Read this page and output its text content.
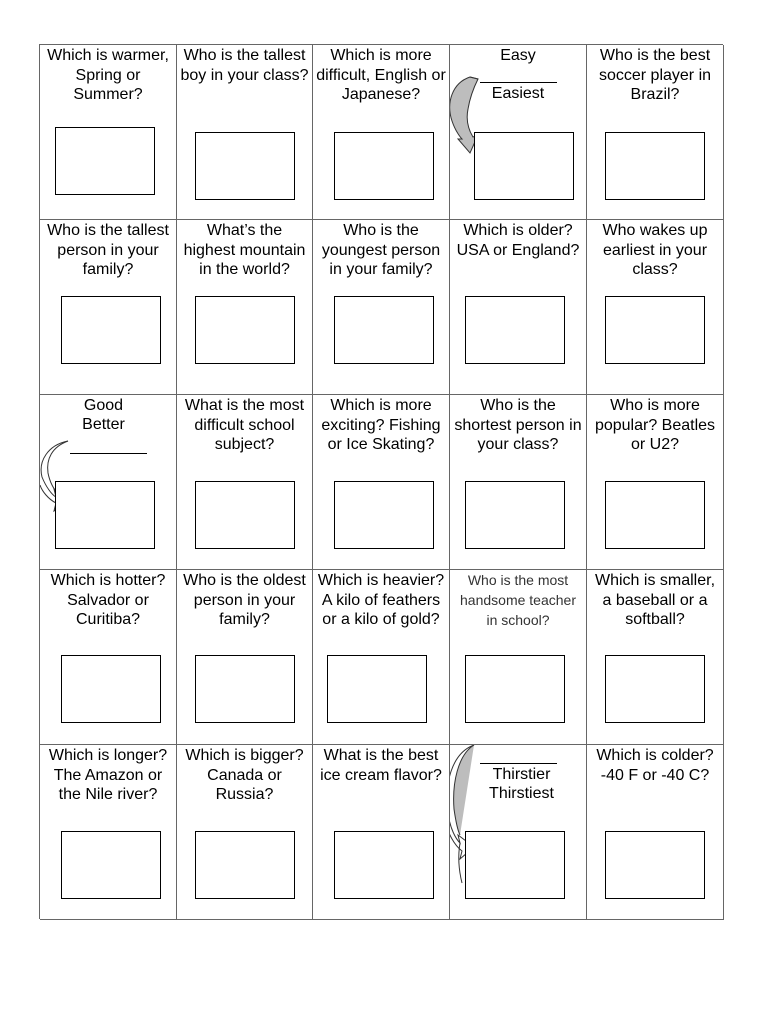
Which is warmer, Spring or Summer?
Who is the tallest boy in your class?
Which is more difficult, English or Japanese?
Easy
Easiest
Who is the best soccer player in Brazil?
Who is the tallest person in your family?
What’s the highest mountain in the world?
Who is the youngest person in your family?
Which is older? USA or England?
Who wakes up earliest in your class?
Good
Better
What is the most difficult school subject?
Which is more exciting? Fishing or Ice Skating?
Who is the shortest person in your class?
Who is more popular? Beatles or U2?
Which is hotter? Salvador or Curitiba?
Who is the oldest person in your family?
Which is heavier? A kilo of feathers or a kilo of gold?
Who is the most handsome teacher in school?
Which is smaller, a baseball or a softball?
Which is longer? The Amazon or the Nile river?
Which is bigger? Canada or Russia?
What is the best ice cream flavor?	Thirstier
Thirstiest
Which is colder? -40 F or -40 C?
